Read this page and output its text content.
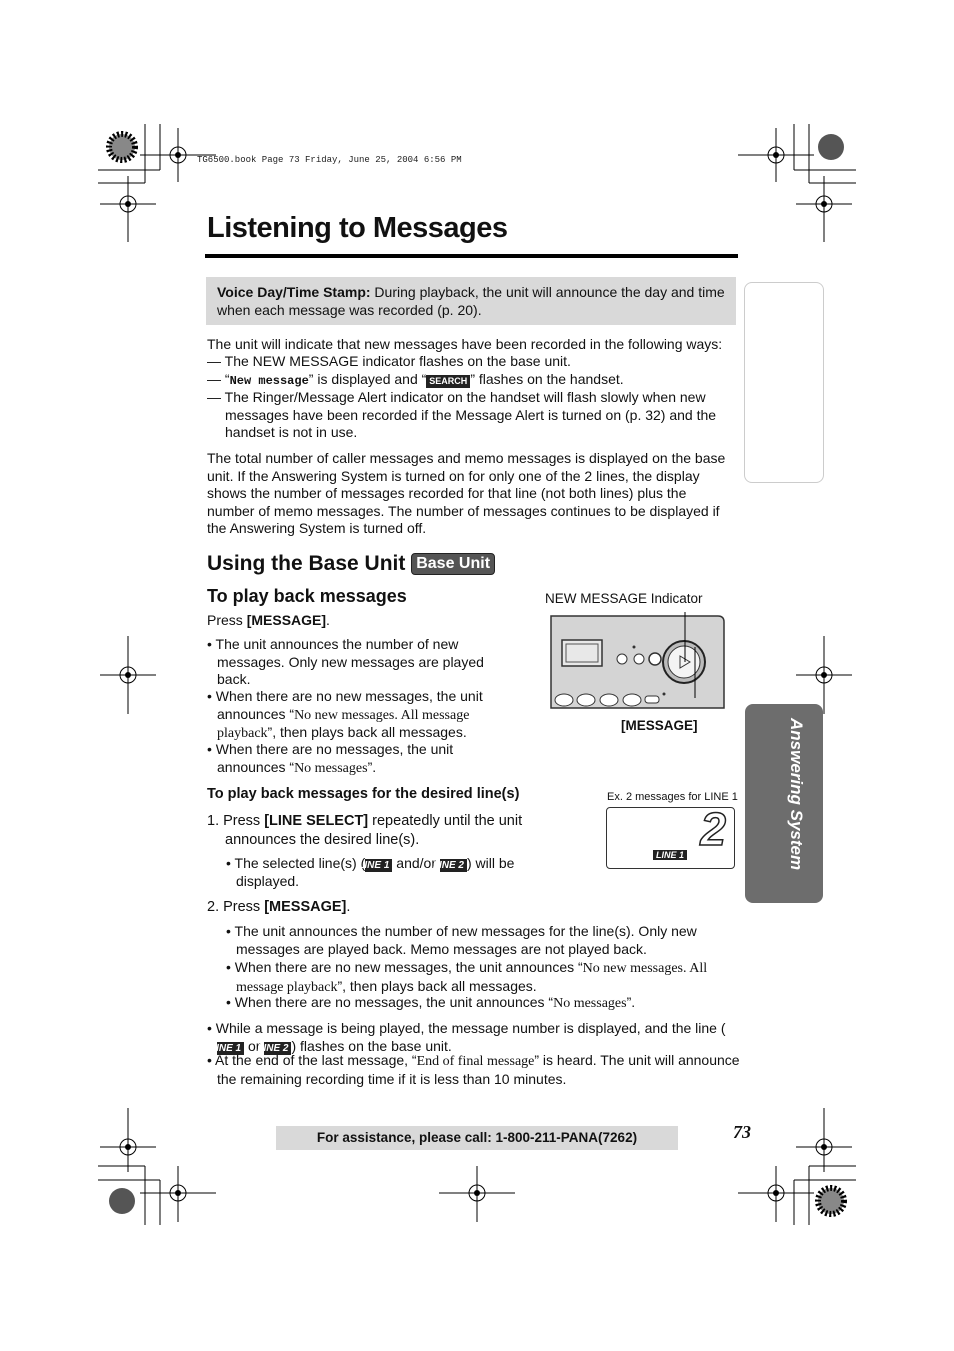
TG6500.book Page 73 Friday, June 25, 2004 6:56 PM
Listening to Messages
Voice Day/Time Stamp: During playback, the unit will announce the day and time when each message was recorded (p. 20).
The unit will indicate that new messages have been recorded in the following ways:
— The NEW MESSAGE indicator flashes on the base unit.
— “New message” is displayed and “ SEARCH ” flashes on the handset.
— The Ringer/Message Alert indicator on the handset will flash slowly when new messages have been recorded if the Message Alert is turned on (p. 32) and the handset is not in use.
The total number of caller messages and memo messages is displayed on the base unit. If the Answering System is turned on for only one of the 2 lines, the display shows the number of messages recorded for that line (not both lines) plus the number of memo messages. The number of messages continues to be displayed if the Answering System is turned off.
Using the Base Unit Base Unit
To play back messages
Press [MESSAGE].
• The unit announces the number of new messages. Only new messages are played back.
• When there are no new messages, the unit announces “No new messages. All message playback”, then plays back all messages.
• When there are no messages, the unit announces “No messages”.
NEW MESSAGE Indicator
[MESSAGE]
To play back messages for the desired line(s)	Ex. 2 messages for LINE 1
2
LINE 1
1. Press [LINE SELECT] repeatedly until the unit announces the desired line(s).
• The selected line(s) (LINE 1 and/or LINE 2 ) will be displayed.
2. Press [MESSAGE].
• The unit announces the number of new messages for the line(s). Only new messages are played back. Memo messages are not played back.
• When there are no new messages, the unit announces “No new messages. All message playback”, then plays back all messages.
• When there are no messages, the unit announces “No messages”.
• While a message is being played, the message number is displayed, and the line (LINE 1 or LINE 2 ) flashes on the base unit.
• At the end of the last message, “End of final message” is heard. The unit will announce the remaining recording time if it is less than 10 minutes.
Answering System
For assistance, please call: 1-800-211-PANA(7262)	73
